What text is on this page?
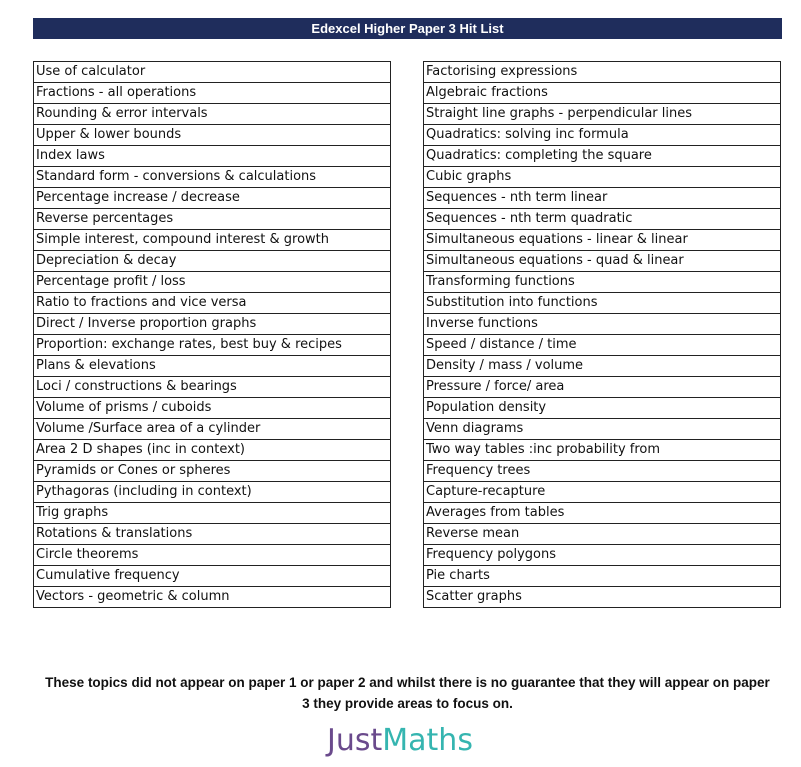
Edexcel Higher Paper 3 Hit List
Use of calculator
Fractions - all operations
Rounding & error intervals
Upper & lower bounds
Index laws
Standard form - conversions & calculations
Percentage increase / decrease
Reverse percentages
Simple interest, compound interest & growth
Depreciation & decay
Percentage profit / loss
Ratio to fractions and vice versa
Direct / Inverse proportion graphs
Proportion: exchange rates, best buy & recipes
Plans & elevations
Loci / constructions & bearings
Volume of prisms / cuboids
Volume /Surface area of a cylinder
Area 2 D shapes (inc in context)
Pyramids or Cones or spheres
Pythagoras (including in context)
Trig graphs
Rotations & translations
Circle theorems
Cumulative frequency
Vectors - geometric & column
Factorising expressions
Algebraic fractions
Straight line graphs - perpendicular lines
Quadratics: solving inc formula
Quadratics: completing the square
Cubic graphs
Sequences - nth term linear
Sequences - nth term quadratic
Simultaneous equations - linear & linear
Simultaneous equations - quad & linear
Transforming functions
Substitution into functions
Inverse functions
Speed / distance / time
Density / mass / volume
Pressure / force/ area
Population density
Venn diagrams
Two way tables :inc probability from
Frequency trees
Capture-recapture
Averages from tables
Reverse mean
Frequency polygons
Pie charts
Scatter graphs
These topics did not appear on paper 1 or paper 2 and whilst there is no guarantee that they will appear on paper
3 they provide areas to focus on.
JustMaths
